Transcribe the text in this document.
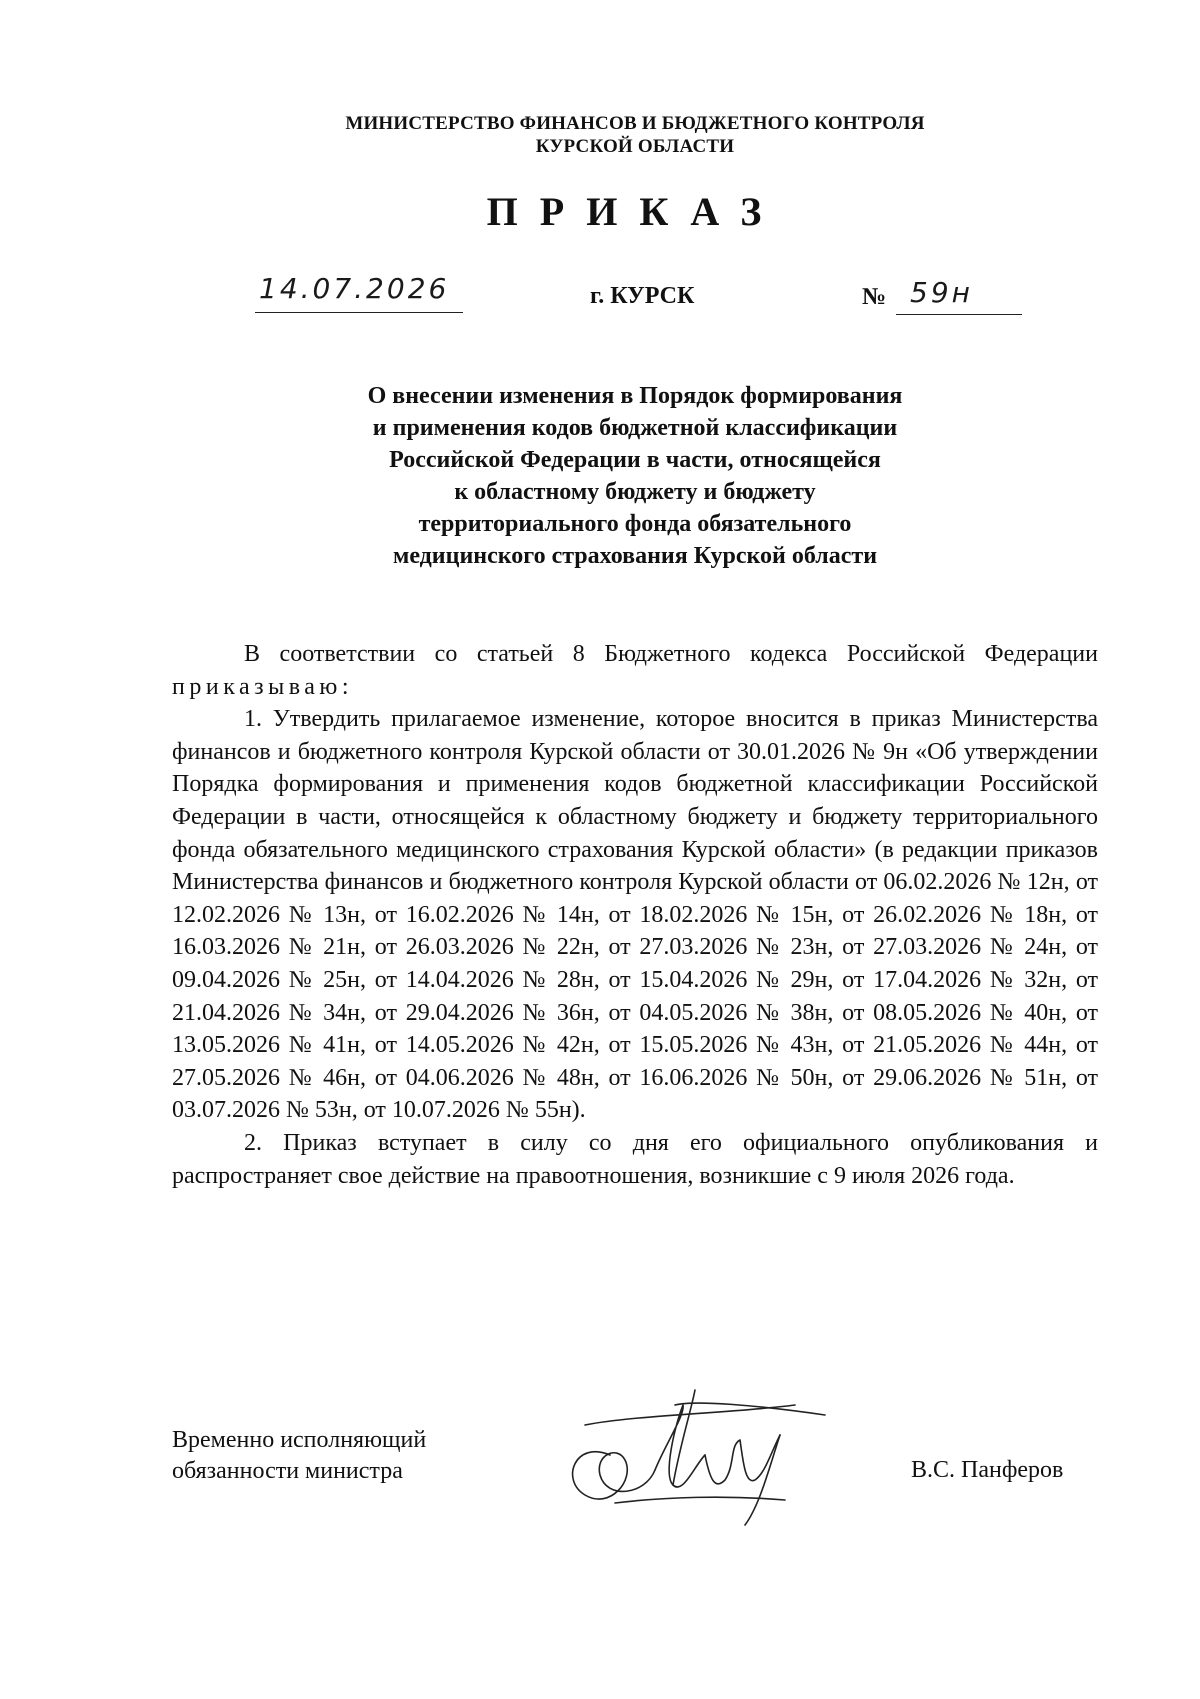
МИНИСТЕРСТВО ФИНАНСОВ И БЮДЖЕТНОГО КОНТРОЛЯ
КУРСКОЙ ОБЛАСТИ
ПРИКАЗ
14.07.2026	г. КУРСК	№ 59н
О внесении изменения в Порядок формирования
и применения кодов бюджетной классификации
Российской Федерации в части, относящейся
к областному бюджету и бюджету
территориального фонда обязательного
медицинского страхования Курской области

В соответствии со статьей 8 Бюджетного кодекса Российской Федерации приказываю:

1. Утвердить прилагаемое изменение, которое вносится в приказ Министерства финансов и бюджетного контроля Курской области от 30.01.2026 № 9н «Об утверждении Порядка формирования и применения кодов бюджетной классификации Российской Федерации в части, относящейся к областному бюджету и бюджету территориального фонда обязательного медицинского страхования Курской области» (в редакции приказов Министерства финансов и бюджетного контроля Курской области от 06.02.2026 № 12н, от 12.02.2026 № 13н, от 16.02.2026 № 14н, от 18.02.2026 № 15н, от 26.02.2026 № 18н, от 16.03.2026 № 21н, от 26.03.2026 № 22н, от 27.03.2026 № 23н, от 27.03.2026 № 24н, от 09.04.2026 № 25н, от 14.04.2026 № 28н, от 15.04.2026 № 29н, от 17.04.2026 № 32н, от 21.04.2026 № 34н, от 29.04.2026 № 36н, от 04.05.2026 № 38н, от 08.05.2026 № 40н, от 13.05.2026 № 41н, от 14.05.2026 № 42н, от 15.05.2026 № 43н, от 21.05.2026 № 44н, от 27.05.2026 № 46н, от 04.06.2026 № 48н, от 16.06.2026 № 50н, от 29.06.2026 № 51н, от 03.07.2026 № 53н, от 10.07.2026 № 55н).

2. Приказ вступает в силу со дня его официального опубликования и распространяет свое действие на правоотношения, возникшие с 9 июля 2026 года.

Временно исполняющий
обязанности министра	В.С. Панферов
